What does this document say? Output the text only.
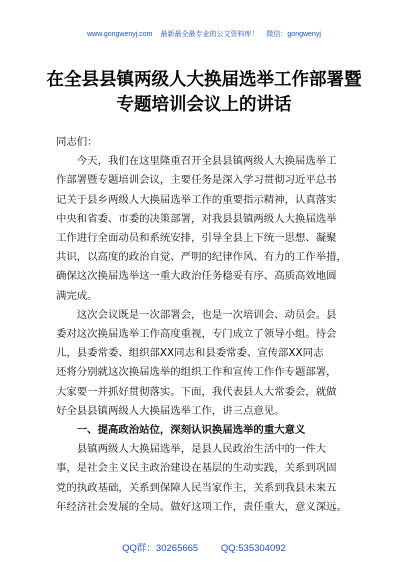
www.gongwenyj.com 最新最全最专业的公文资料库！ 微信：gongwenyj
在全县县镇两级人大换届选举工作部署暨
专题培训会议上的讲话

同志们：

今天，我们在这里隆重召开全县县镇两级人大换届选举工
作部署暨专题培训会议，主要任务是深入学习贯彻习近平总书
记关于县乡两级人大换届选举工作的重要指示精神，认真落实
中央和省委、市委的决策部署，对我县县镇两级人大换届选举
工作进行全面动员和系统安排，引导全县上下统一思想、凝聚
共识，以高度的政治自觉、严明的纪律作风、有力的工作举措，
确保这次换届选举这一重大政治任务稳妥有序、高质高效地圆
满完成。

这次会议既是一次部署会，也是一次培训会、动员会。县
委对这次换届选举工作高度重视，专门成立了领导小组。待会
儿，县委常委、组织部XX同志和县委常委、宣传部XX同志
还将分别就这次换届选举的组织工作和宣传工作作专题部署，
大家要一并抓好贯彻落实。下面，我代表县人大常委会，就做
好全县县镇两级人大换届选举工作，讲三点意见。

一、提高政治站位，深刻认识换届选举的重大意义

县镇两级人大换届选举，是县人民政治生活中的一件大
事，是社会主义民主政治建设在基层的生动实践，关系到巩固
党的执政基础，关系到保障人民当家作主，关系到我县未来五
年经济社会发展的全局。做好这项工作，责任重大，意义深远。

QQ群：30265665 QQ:535304092
